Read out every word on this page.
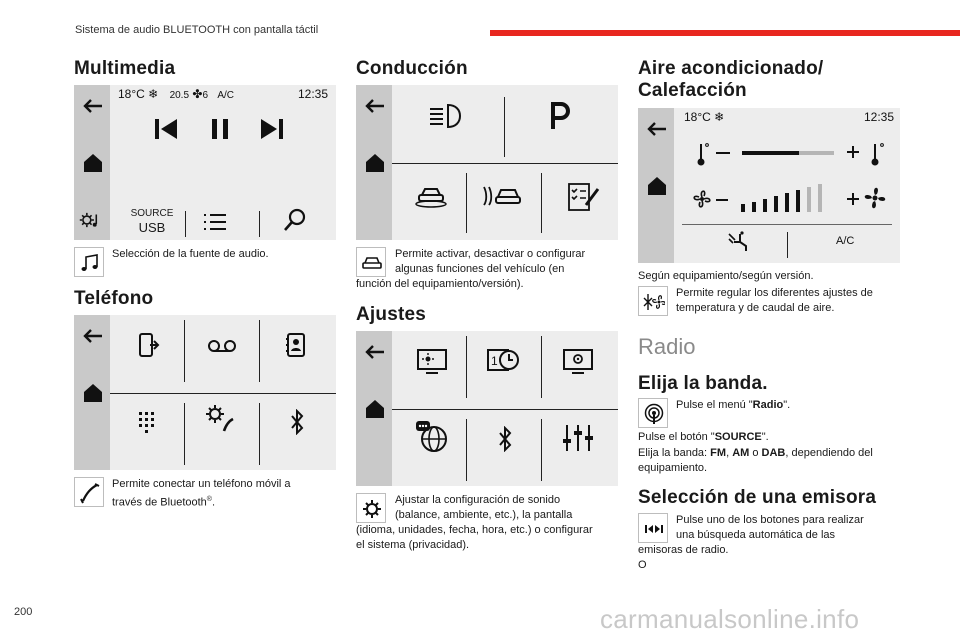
Sistema de audio BLUETOOTH con pantalla táctil
Multimedia
18°C ❄ 20.5 ✤6 A/C	12:35
SOURCE
USB
Selección de la fuente de audio.
Teléfono
Permite conectar un teléfono móvil a
través de Bluetooth®.
Conducción
Permite activar, desactivar o configurar
algunas funciones del vehículo (en
función del equipamiento/versión).
Ajustes
1
Ajustar la configuración de sonido
(balance, ambiente, etc.), la pantalla
(idioma, unidades, fecha, hora, etc.) o configurar
el sistema (privacidad).
Aire acondicionado/
Calefacción
18°C ❄	12:35
A/C
Según equipamiento/según versión.
Permite regular los diferentes ajustes de
temperatura y de caudal de aire.
Radio
Elija la banda.
Pulse el menú "Radio".
Pulse el botón "SOURCE".
Elija la banda: FM, AM o DAB, dependiendo del
equipamiento.
Selección de una emisora
Pulse uno de los botones para realizar
una búsqueda automática de las
emisoras de radio.
O
200	carmanualsonline.info
